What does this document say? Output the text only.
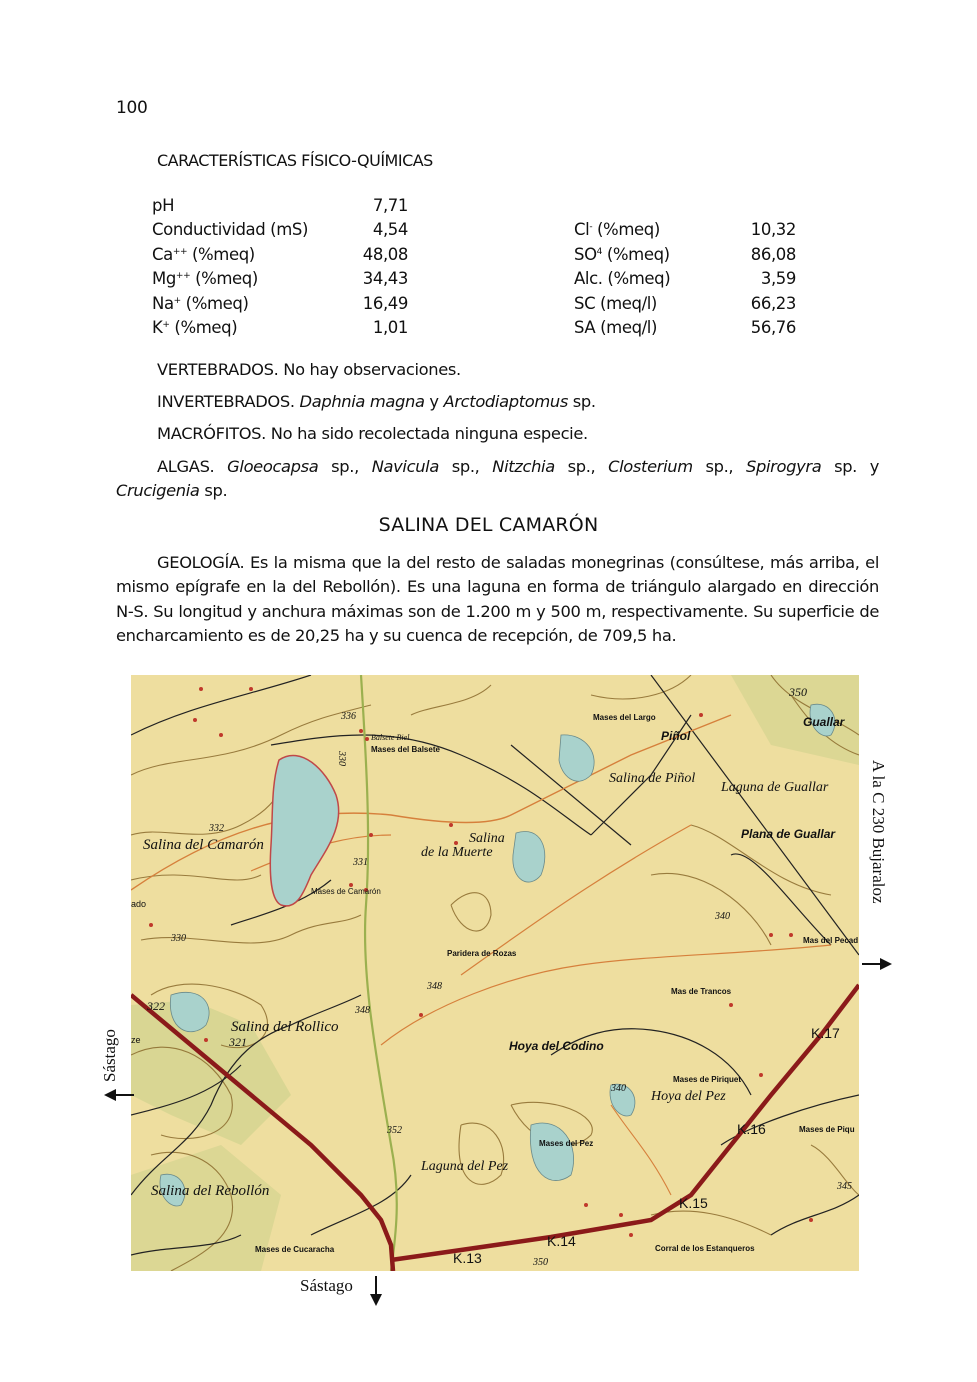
100
CARACTERÍSTICAS FÍSICO-QUÍMICAS
pH	7,71			
Conductividad (mS)	4,54		Cl- (%meq)	10,32
Ca++ (%meq)	48,08		$SO^4$ (%meq)	86,08
Mg++ (%meq)	34,43		Alc. (%meq)	3,59
Na+ (%meq)	16,49		SC (meq/l)	66,23
K+ (%meq)	1,01		SA (meq/l)	56,76
VERTEBRADOS. No hay observaciones.
INVERTEBRADOS. Daphnia magna y Arctodiaptomus sp.
MACRÓFITOS. No ha sido recolectada ninguna especie.
ALGAS. Gloeocapsa sp., Navicula sp., Nitzchia sp., Closterium sp., Spirogyra sp. y Crucigenia sp.
SALINA DEL CAMARÓN
GEOLOGÍA. Es la misma que la del resto de saladas monegrinas (consúltese, más arriba, el mismo epígrafe en la del Rebollón). Es una laguna en forma de triángulo alargado en dirección N-S. Su longitud y anchura máximas son de 1.200 m y 500 m, respectivamente. Su superficie de encharcamiento es de 20,25 ha y su cuenca de recepción, de 709,5 ha.
Salina del Camarón	Salina
de la Muerte
Salina del Rollico
Salina del Rebollón
Salina de Piñol
Laguna de Guallar
Plana de Guallar
Hoya del Codino
Hoya del Pez
Laguna del Pez
Piñol
Guallar
Mases del Balsete
Balsete Biel
Mases de Camarón
Mases del Largo
Paridera de Rozas
Mas de Trancos
Mas del Pecad
Mases de Piriquet
Mases de Piqu
Mases del Pez
Mases de Cucaracha	Corral de los Estanqueros
K.13
K.14
K.15
K.16
K.17
332
331
330
330
336
322
321
348
348
340
340
352
350
345
350
ado
ze
Sástago
Sástago
A la C 230 Bujaraloz
